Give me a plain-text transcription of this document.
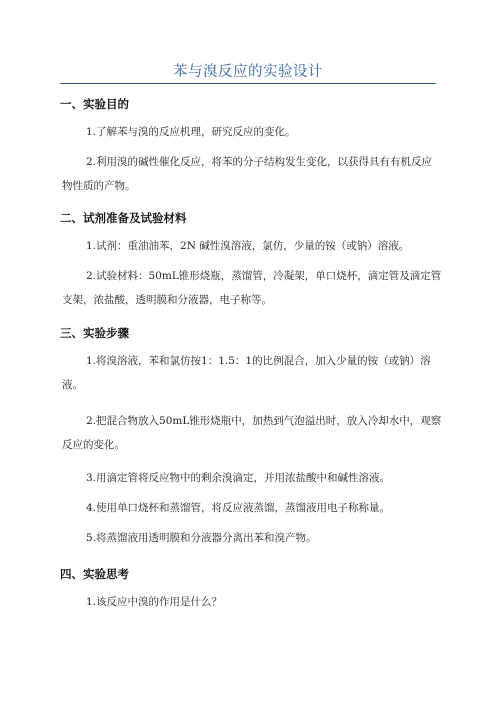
苯与溴反应的实验设计
一、实验目的
1.了解苯与溴的反应机理，研究反应的变化。
2.利用溴的碱性催化反应，将苯的分子结构发生变化，以获得具有有机反应物性质的产物。
二、试剂准备及试验材料
1.试剂：重油油苯，2N 碱性溴溶液，氯仿，少量的铵（或钠）溶液。
2.试验材料：50mL锥形烧瓶，蒸馏管，冷凝架，单口烧杯，滴定管及滴定管支架，浓盐酸，透明膜和分液器，电子称等。
三、实验步骤
1.将溴溶液，苯和氯仿按1：1.5：1的比例混合，加入少量的铵（或钠）溶液。
2.把混合物放入50mL锥形烧瓶中，加热到气泡溢出时，放入冷却水中，观察反应的变化。
3.用滴定管将反应物中的剩余溴滴定，并用浓盐酸中和碱性溶液。
4.使用单口烧杯和蒸馏管，将反应液蒸馏，蒸馏液用电子称称量。
5.将蒸馏液用透明膜和分液器分离出苯和溴产物。
四、实验思考
1.该反应中溴的作用是什么？
